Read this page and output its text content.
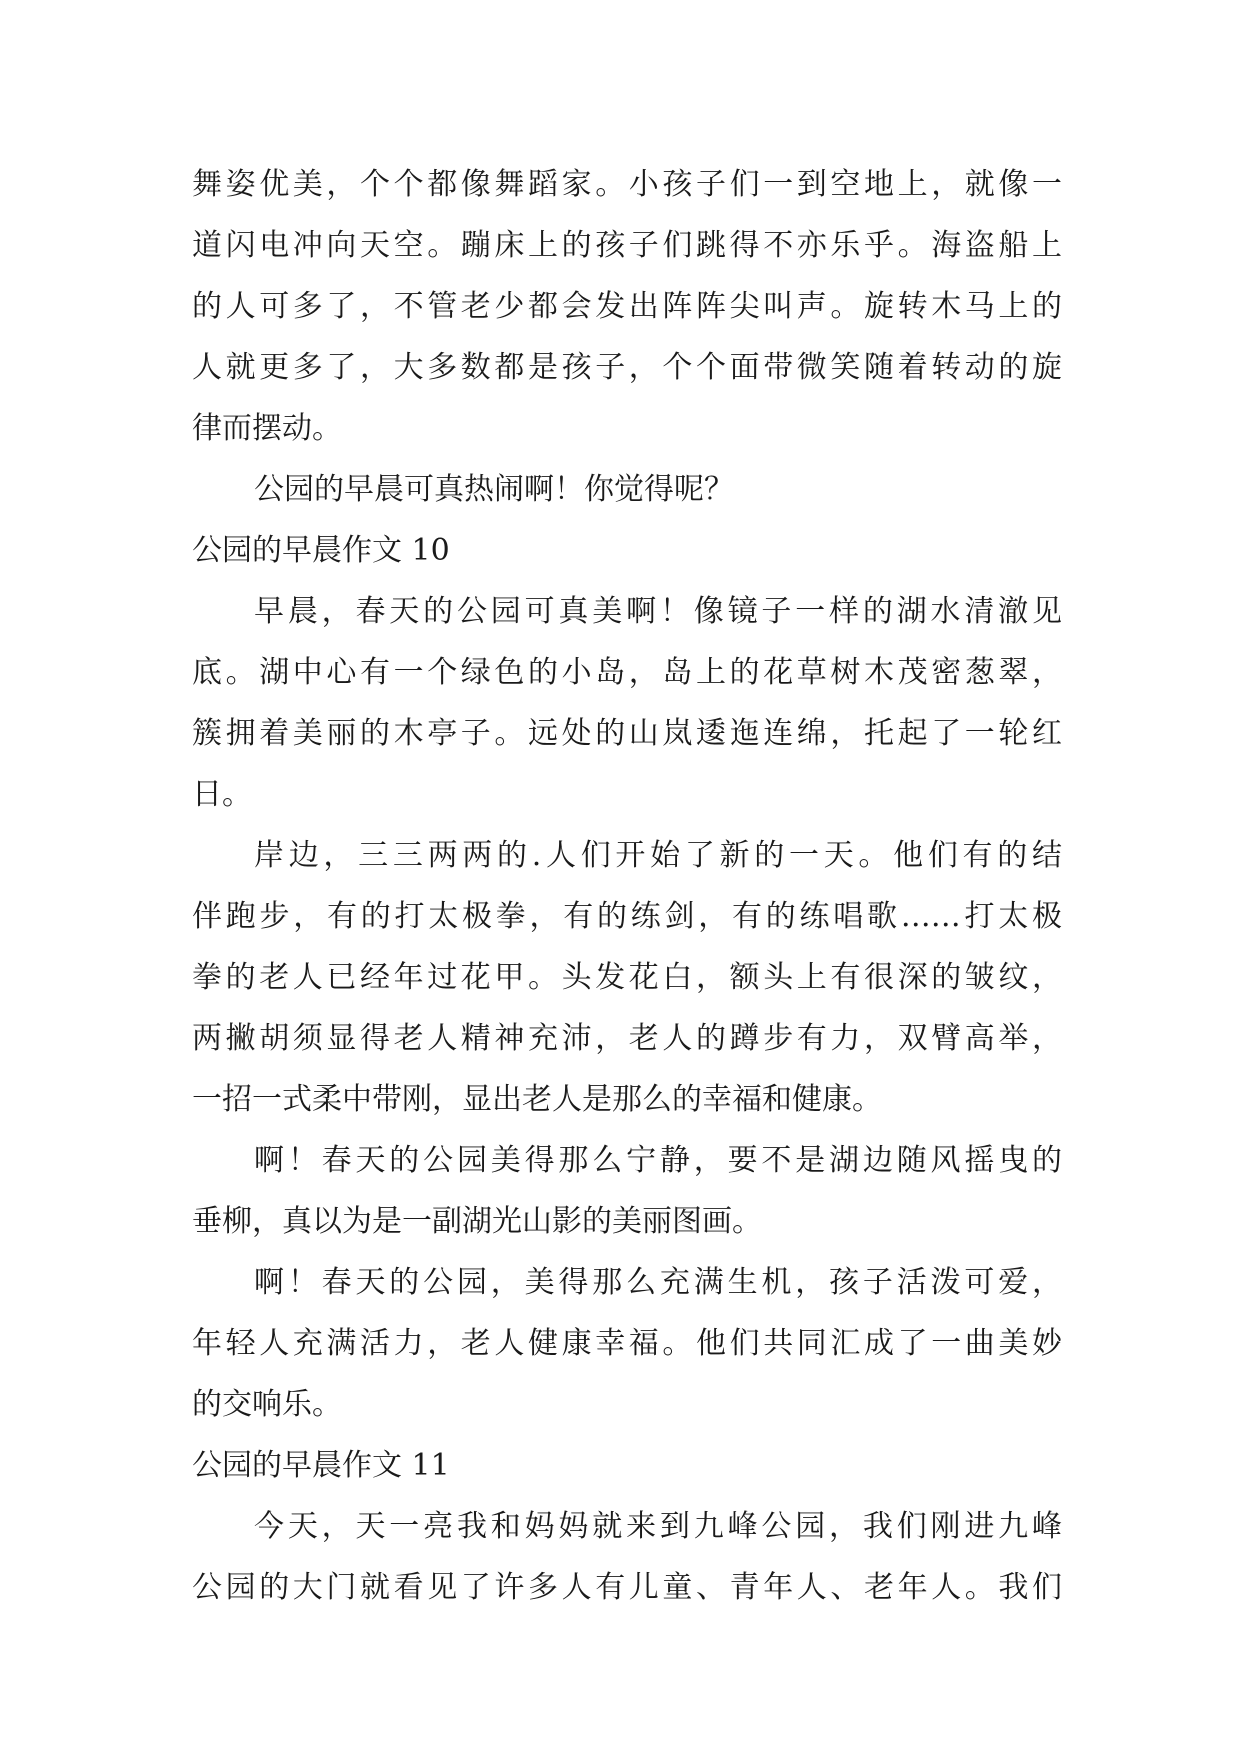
舞姿优美，个个都像舞蹈家。小孩子们一到空地上，就像一
道闪电冲向天空。蹦床上的孩子们跳得不亦乐乎。海盗船上
的人可多了，不管老少都会发出阵阵尖叫声。旋转木马上的
人就更多了，大多数都是孩子，个个面带微笑随着转动的旋
律而摆动。
公园的早晨可真热闹啊！你觉得呢？
公园的早晨作文 10
早晨，春天的公园可真美啊！像镜子一样的湖水清澈见
底。湖中心有一个绿色的小岛，岛上的花草树木茂密葱翠，
簇拥着美丽的木亭子。远处的山岚逶迤连绵，托起了一轮红
日。
岸边，三三两两的.人们开始了新的一天。他们有的结
伴跑步，有的打太极拳，有的练剑，有的练唱歌……打太极
拳的老人已经年过花甲。头发花白，额头上有很深的皱纹，
两撇胡须显得老人精神充沛，老人的蹲步有力，双臂高举，
一招一式柔中带刚，显出老人是那么的幸福和健康。
啊！春天的公园美得那么宁静，要不是湖边随风摇曳的
垂柳，真以为是一副湖光山影的美丽图画。
啊！春天的公园，美得那么充满生机，孩子活泼可爱，
年轻人充满活力，老人健康幸福。他们共同汇成了一曲美妙
的交响乐。
公园的早晨作文 11
今天，天一亮我和妈妈就来到九峰公园，我们刚进九峰
公园的大门就看见了许多人有儿童、青年人、老年人。我们
